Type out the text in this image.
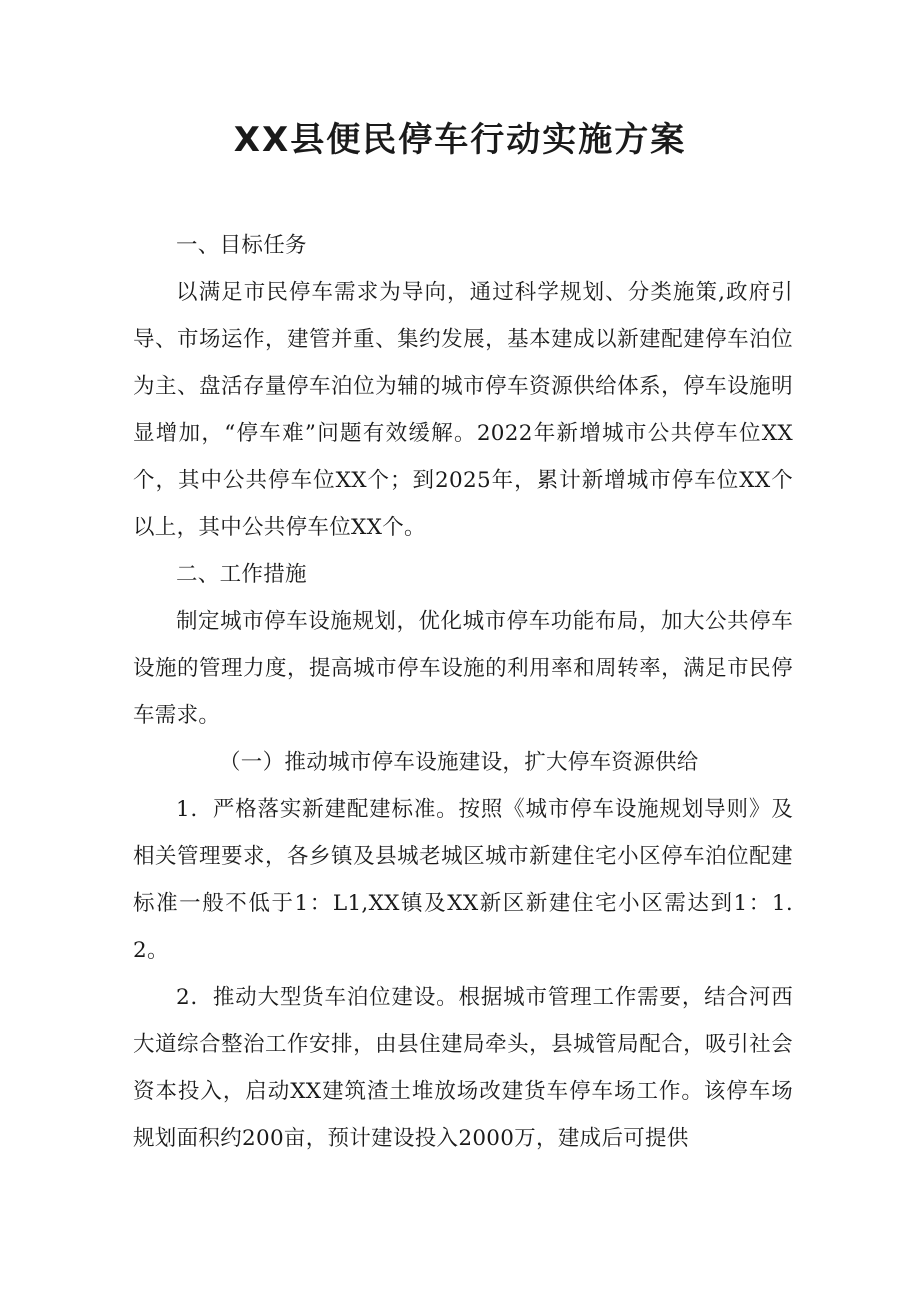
XX县便民停车行动实施方案

一、目标任务

以满足市民停车需求为导向，通过科学规划、分类施策,政府引导、市场运作，建管并重、集约发展，基本建成以新建配建停车泊位为主、盘活存量停车泊位为辅的城市停车资源供给体系，停车设施明显增加，“停车难”问题有效缓解。2022年新增城市公共停车位XX个，其中公共停车位XX个；到2025年，累计新增城市停车位XX个以上，其中公共停车位XX个。

二、工作措施

制定城市停车设施规划，优化城市停车功能布局，加大公共停车设施的管理力度，提高城市停车设施的利用率和周转率，满足市民停车需求。

（一）推动城市停车设施建设，扩大停车资源供给

1．严格落实新建配建标准。按照《城市停车设施规划导则》及相关管理要求，各乡镇及县城老城区城市新建住宅小区停车泊位配建标准一般不低于1：L1,XX镇及XX新区新建住宅小区需达到1：1.2。

2．推动大型货车泊位建设。根据城市管理工作需要，结合河西大道综合整治工作安排，由县住建局牵头，县城管局配合，吸引社会资本投入，启动XX建筑渣土堆放场改建货车停车场工作。该停车场规划面积约200亩，预计建设投入2000万，建成后可提供
